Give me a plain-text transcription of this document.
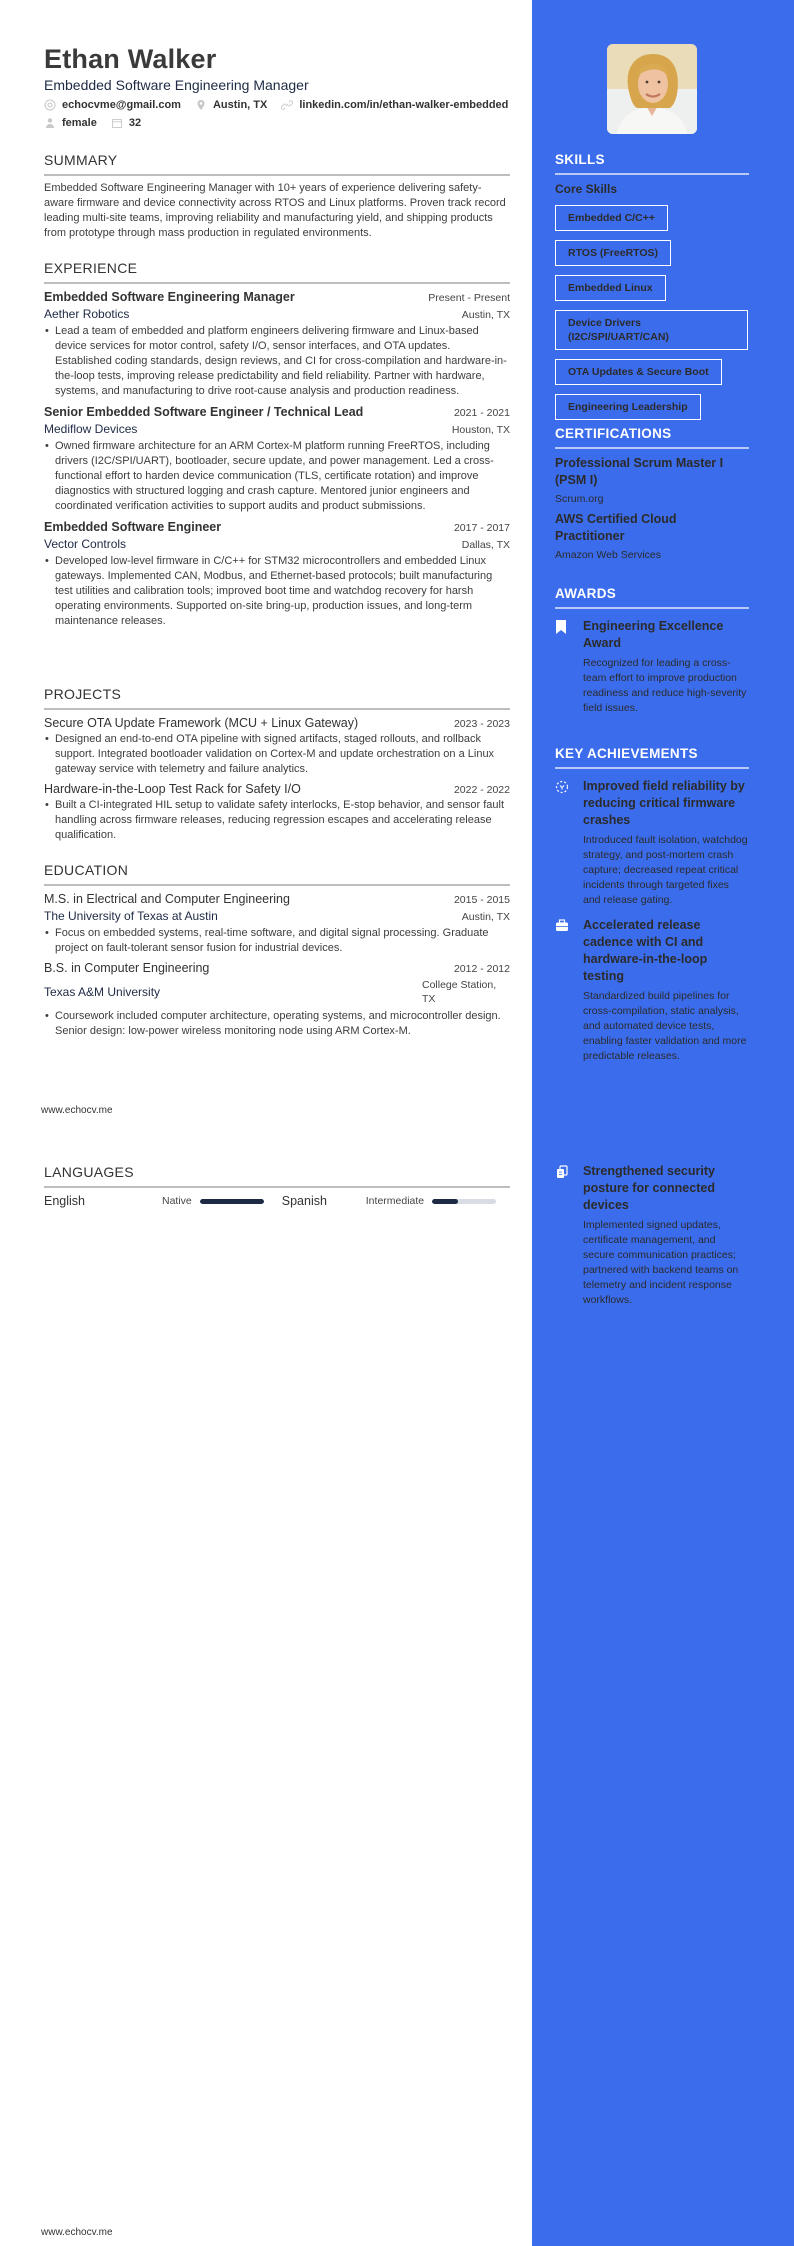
Ethan Walker
Embedded Software Engineering Manager
echocvme@gmail.com	Austin, TX	linkedin.com/in/ethan-walker-embedded
female	32
SUMMARY
Embedded Software Engineering Manager with 10+ years of experience delivering safety-aware firmware and device connectivity across RTOS and Linux platforms. Proven track record leading multi-site teams, improving reliability and manufacturing yield, and shipping products from prototype through mass production in regulated environments.
EXPERIENCE
Embedded Software Engineering Manager	Present - Present
Aether Robotics	Austin, TX
• Lead a team of embedded and platform engineers delivering firmware and Linux-based device services for motor control, safety I/O, sensor interfaces, and OTA updates. Established coding standards, design reviews, and CI for cross-compilation and hardware-in-the-loop tests, improving release predictability and field reliability. Partner with hardware, systems, and manufacturing to drive root-cause analysis and production readiness.
Senior Embedded Software Engineer / Technical Lead	2021 - 2021
Mediflow Devices	Houston, TX
• Owned firmware architecture for an ARM Cortex-M platform running FreeRTOS, including drivers (I2C/SPI/UART), bootloader, secure update, and power management. Led a cross-functional effort to harden device communication (TLS, certificate rotation) and improve diagnostics with structured logging and crash capture. Mentored junior engineers and coordinated verification activities to support audits and product submissions.
Embedded Software Engineer	2017 - 2017
Vector Controls	Dallas, TX
• Developed low-level firmware in C/C++ for STM32 microcontrollers and embedded Linux gateways. Implemented CAN, Modbus, and Ethernet-based protocols; built manufacturing test utilities and calibration tools; improved boot time and watchdog recovery for harsh operating environments. Supported on-site bring-up, production issues, and long-term maintenance releases.
PROJECTS
Secure OTA Update Framework (MCU + Linux Gateway)	2023 - 2023
• Designed an end-to-end OTA pipeline with signed artifacts, staged rollouts, and rollback support. Integrated bootloader validation on Cortex-M and update orchestration on a Linux gateway service with telemetry and failure analytics.
Hardware-in-the-Loop Test Rack for Safety I/O	2022 - 2022
• Built a CI-integrated HIL setup to validate safety interlocks, E-stop behavior, and sensor fault handling across firmware releases, reducing regression escapes and accelerating release qualification.
EDUCATION
M.S. in Electrical and Computer Engineering	2015 - 2015
The University of Texas at Austin	Austin, TX
• Focus on embedded systems, real-time software, and digital signal processing. Graduate project on fault-tolerant sensor fusion for industrial devices.
B.S. in Computer Engineering	2012 - 2012
Texas A&M University	College Station, TX
• Coursework included computer architecture, operating systems, and microcontroller design. Senior design: low-power wireless monitoring node using ARM Cortex-M.
www.echocv.me
LANGUAGES
English	Native	Spanish	Intermediate
www.echocv.me
SKILLS
Core Skills
Embedded C/C++
RTOS (FreeRTOS)
Embedded Linux
Device Drivers (I2C/SPI/UART/CAN)
OTA Updates & Secure Boot
Engineering Leadership
CERTIFICATIONS
Professional Scrum Master I (PSM I)
Scrum.org
AWS Certified Cloud Practitioner
Amazon Web Services
AWARDS
Engineering Excellence Award
Recognized for leading a cross-team effort to improve production readiness and reduce high-severity field issues.
KEY ACHIEVEMENTS
Improved field reliability by reducing critical firmware crashes
Introduced fault isolation, watchdog strategy, and post-mortem crash capture; decreased repeat critical incidents through targeted fixes and release gating.
Accelerated release cadence with CI and hardware-in-the-loop testing
Standardized build pipelines for cross-compilation, static analysis, and automated device tests, enabling faster validation and more predictable releases.
Strengthened security posture for connected devices
Implemented signed updates, certificate management, and secure communication practices; partnered with backend teams on telemetry and incident response workflows.
